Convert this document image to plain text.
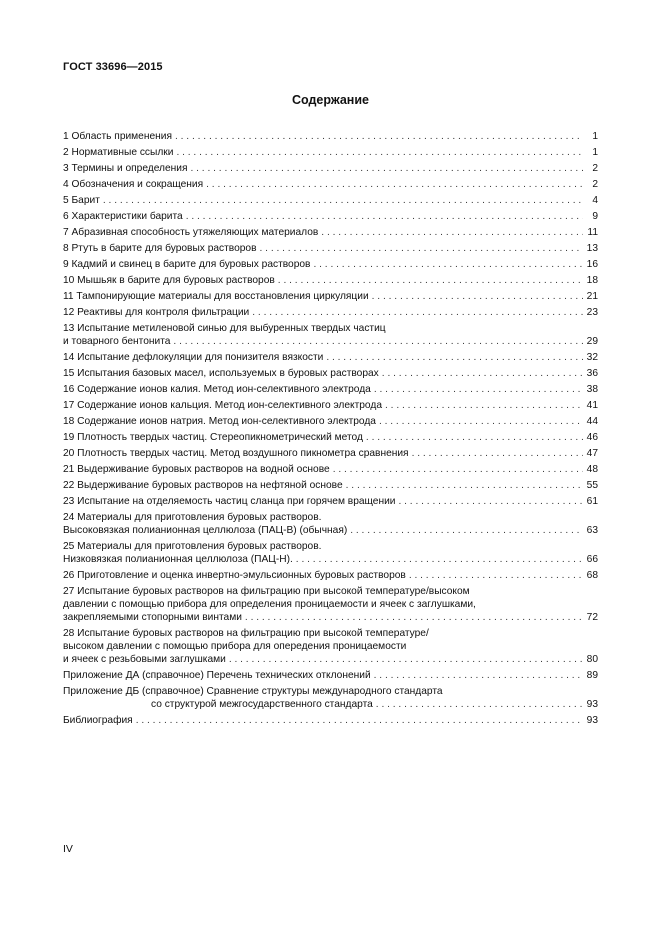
ГОСТ 33696—2015
Содержание
1 Область применения . . .	1
2 Нормативные ссылки . . .	1
3 Термины и определения . . .	2
4 Обозначения и сокращения . . .	2
5 Барит . . .	4
6 Характеристики барита . . .	9
7 Абразивная способность утяжеляющих материалов . . .	11
8 Ртуть в барите для буровых растворов . . .	13
9 Кадмий и свинец в барите для буровых растворов . . .	16
10 Мышьяк в барите для буровых растворов . . .	18
11 Тампонирующие материалы для восстановления циркуляции . . .	21
12 Реактивы для контроля фильтрации . . .	23
13 Испытание метиленовой синью для выбуренных твердых частиц
и товарного бентонита . . .	29
14 Испытание дефлокуляции для понизителя вязкости . . .	32
15 Испытания базовых масел, используемых в буровых растворах . . .	36
16 Содержание ионов калия. Метод ион-селективного электрода . . .	38
17 Содержание ионов кальция. Метод ион-селективного электрода . . .	41
18 Содержание ионов натрия. Метод ион-селективного электрода . . .	44
19 Плотность твердых частиц. Стереопикнометрический метод . . .	46
20 Плотность твердых частиц. Метод воздушного пикнометра сравнения . . .	47
21 Выдерживание буровых растворов на водной основе . . .	48
22 Выдерживание буровых растворов на нефтяной основе . . .	55
23 Испытание на отделяемость частиц сланца при горячем вращении . . .	61
24 Материалы для приготовления буровых растворов.
Высоковязкая полианионная целлюлоза (ПАЦ-В) (обычная) . . .	63
25 Материалы для приготовления буровых растворов.
Низковязкая полианионная целлюлоза (ПАЦ-Н). . . .	66
26 Приготовление и оценка инвертно-эмульсионных буровых растворов . . .	68
27 Испытание буровых растворов на фильтрацию при высокой температуре/высоком
давлении с помощью прибора для определения проницаемости и ячеек с заглушками,
закрепляемыми стопорными винтами . . .	72
28 Испытание буровых растворов на фильтрацию при высокой температуре/
высоком давлении с помощью прибора для опередения проницаемости
и ячеек с резьбовыми заглушками . . .	80
Приложение ДА (справочное) Перечень технических отклонений . . .	89
Приложение ДБ (справочное) Сравнение структуры международного стандарта
со структурой межгосударственного стандарта . . .	93
Библиография . . .	93
IV
